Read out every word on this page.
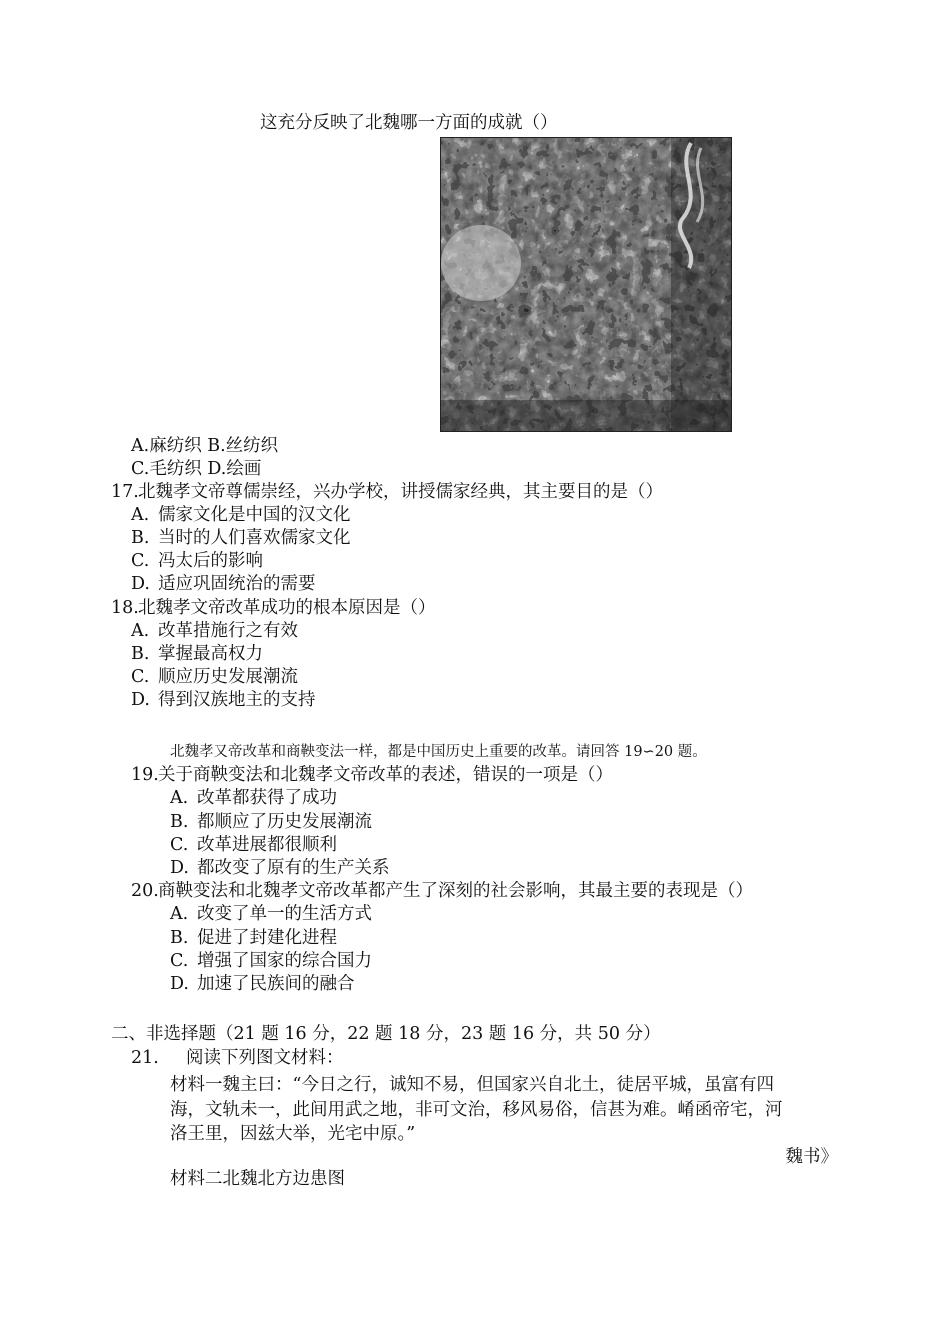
这充分反映了北魏哪一方面的成就（）
A.麻纺织 B.丝纺织
C.毛纺织 D.绘画
17.北魏孝文帝尊儒崇经，兴办学校，讲授儒家经典，其主要目的是（）
A. 儒家文化是中国的汉文化
B. 当时的人们喜欢儒家文化
C. 冯太后的影响
D. 适应巩固统治的需要
18.北魏孝文帝改革成功的根本原因是（）
A. 改革措施行之有效
B. 掌握最高权力
C. 顺应历史发展潮流
D. 得到汉族地主的支持
北魏孝又帝改革和商鞅变法一样，都是中国历史上重要的改革。请回答 19∽20 题。
19.关于商鞅变法和北魏孝文帝改革的表述，错误的一项是（）
A. 改革都获得了成功
B. 都顺应了历史发展潮流
C. 改革进展都很顺利
D. 都改变了原有的生产关系
20.商鞅变法和北魏孝文帝改革都产生了深刻的社会影响，其最主要的表现是（）
A. 改变了单一的生活方式
B. 促进了封建化进程
C. 增强了国家的综合国力
D. 加速了民族间的融合
二、非选择题（21 题 16 分，22 题 18 分，23 题 16 分，共 50 分）
21. 阅读下列图文材料：
材料一魏主曰：“今日之行，诚知不易，但国家兴自北土，徒居平城，虽富有四
海，文轨未一，此间用武之地，非可文治，移风易俗，信甚为难。崤函帝宅，河
洛王里，因兹大举，光宅中原。”
魏书》
材料二北魏北方边患图
